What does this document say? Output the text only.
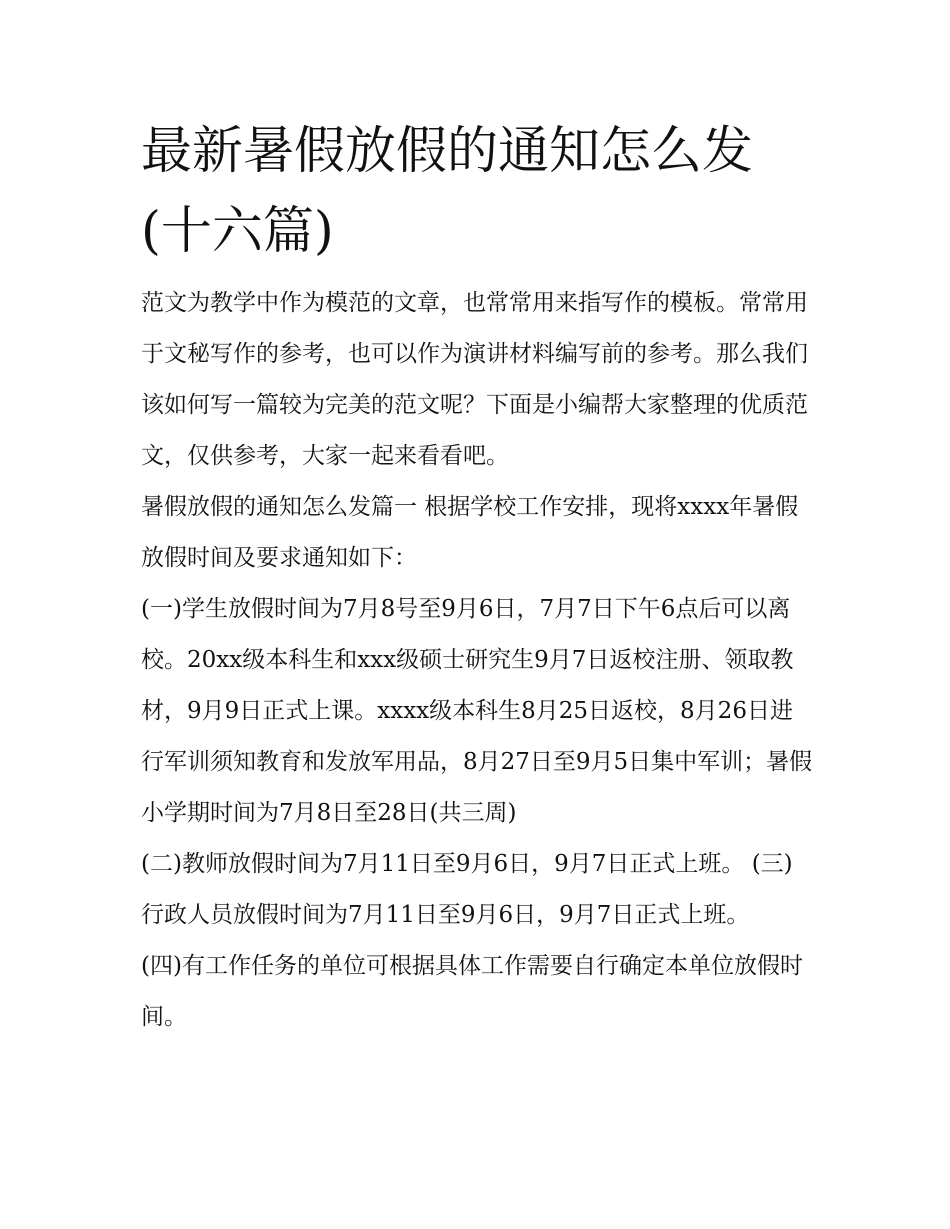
最新暑假放假的通知怎么发(十六篇)

范文为教学中作为模范的文章，也常常用来指写作的模板。常常用于文秘写作的参考，也可以作为演讲材料编写前的参考。那么我们该如何写一篇较为完美的范文呢？下面是小编帮大家整理的优质范文，仅供参考，大家一起来看看吧。

暑假放假的通知怎么发篇一 根据学校工作安排，现将xxxx年暑假放假时间及要求通知如下：

(一)学生放假时间为7月8号至9月6日，7月7日下午6点后可以离校。20xx级本科生和xxx级硕士研究生9月7日返校注册、领取教材，9月9日正式上课。xxxx级本科生8月25日返校，8月26日进行军训须知教育和发放军用品，8月27日至9月5日集中军训；暑假小学期时间为7月8日至28日(共三周)

(二)教师放假时间为7月11日至9月6日，9月7日正式上班。 (三)行政人员放假时间为7月11日至9月6日，9月7日正式上班。

(四)有工作任务的单位可根据具体工作需要自行确定本单位放假时间。
